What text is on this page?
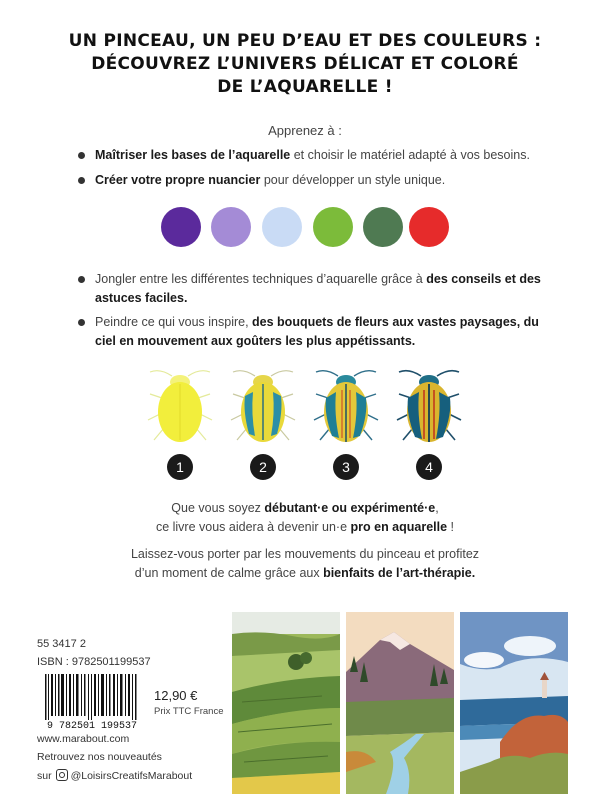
UN PINCEAU, UN PEU D’EAU ET DES COULEURS :
DÉCOUVREZ L’UNIVERS DÉLICAT ET COLORÉ
DE L’AQUARELLE !
Apprenez à :
Maîtriser les bases de l’aquarelle et choisir le matériel adapté à vos besoins.
Créer votre propre nuancier pour développer un style unique.
Jongler entre les différentes techniques d’aquarelle grâce à des conseils et des astuces faciles.
Peindre ce qui vous inspire, des bouquets de fleurs aux vastes paysages, du ciel en mouvement aux goûters les plus appétissants.
1	2	3	4
Que vous soyez débutant·e ou expérimenté·e,
ce livre vous aidera à devenir un·e pro en aquarelle !
Laissez-vous porter par les mouvements du pinceau et profitez
d’un moment de calme grâce aux bienfaits de l’art-thérapie.
55 3417 2
ISBN : 9782501199537
9 782501 199537
12,90 €
Prix TTC France
www.marabout.com
Retrouvez nos nouveautés
sur @LoisirsCreatifsMarabout
